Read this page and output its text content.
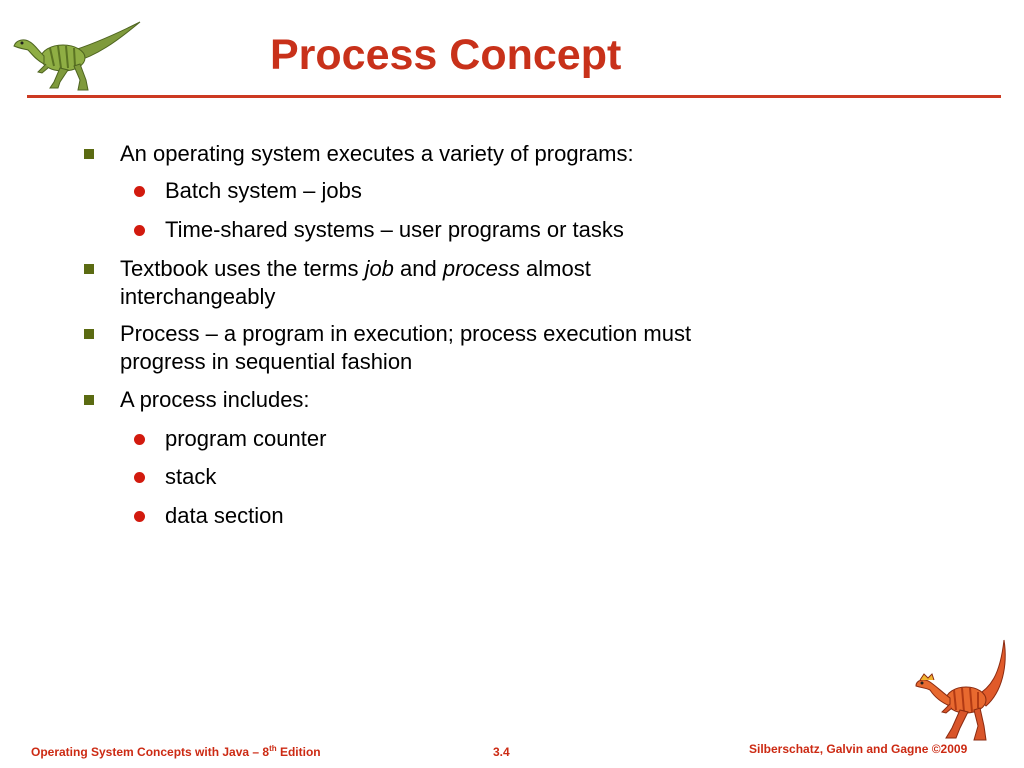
Process Concept
An operating system executes a variety of programs:
Batch system – jobs
Time-shared systems – user programs or tasks
Textbook uses the terms job and process almost
interchangeably
Process – a program in execution; process execution must
progress in sequential fashion
A process includes:
program counter
stack
data section
Operating System Concepts with Java – 8th Edition	3.4	Silberschatz, Galvin and Gagne ©2009
